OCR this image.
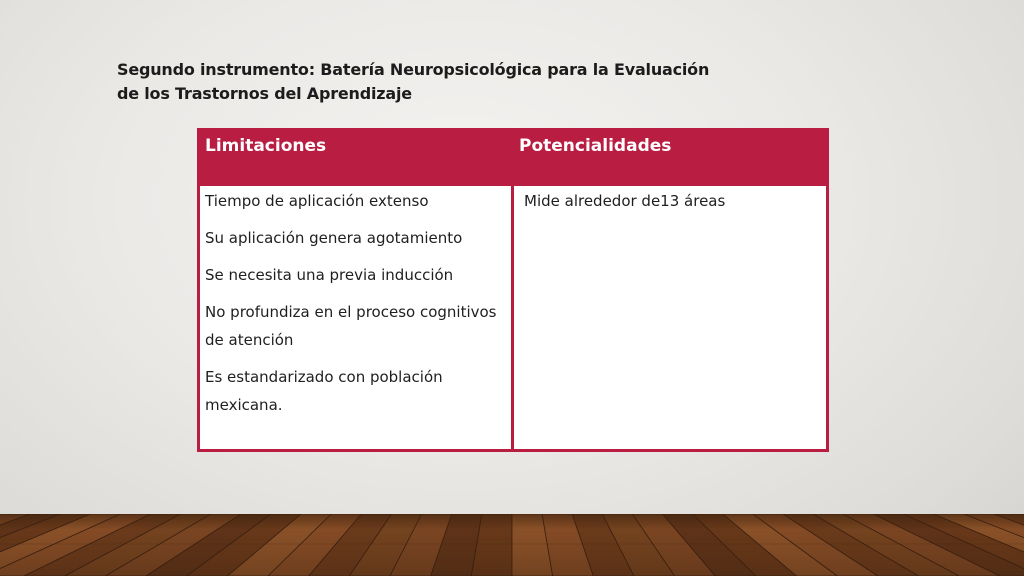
Segundo instrumento: Batería Neuropsicológica para la Evaluación
de los Trastornos del Aprendizaje
Limitaciones	Potencialidades

Tiempo de aplicación extenso

Su aplicación genera agotamiento

Se necesita una previa inducción

No profundiza en el proceso cognitivos de atención

Es estandarizado con población mexicana.

Mide alrededor de13 áreas
